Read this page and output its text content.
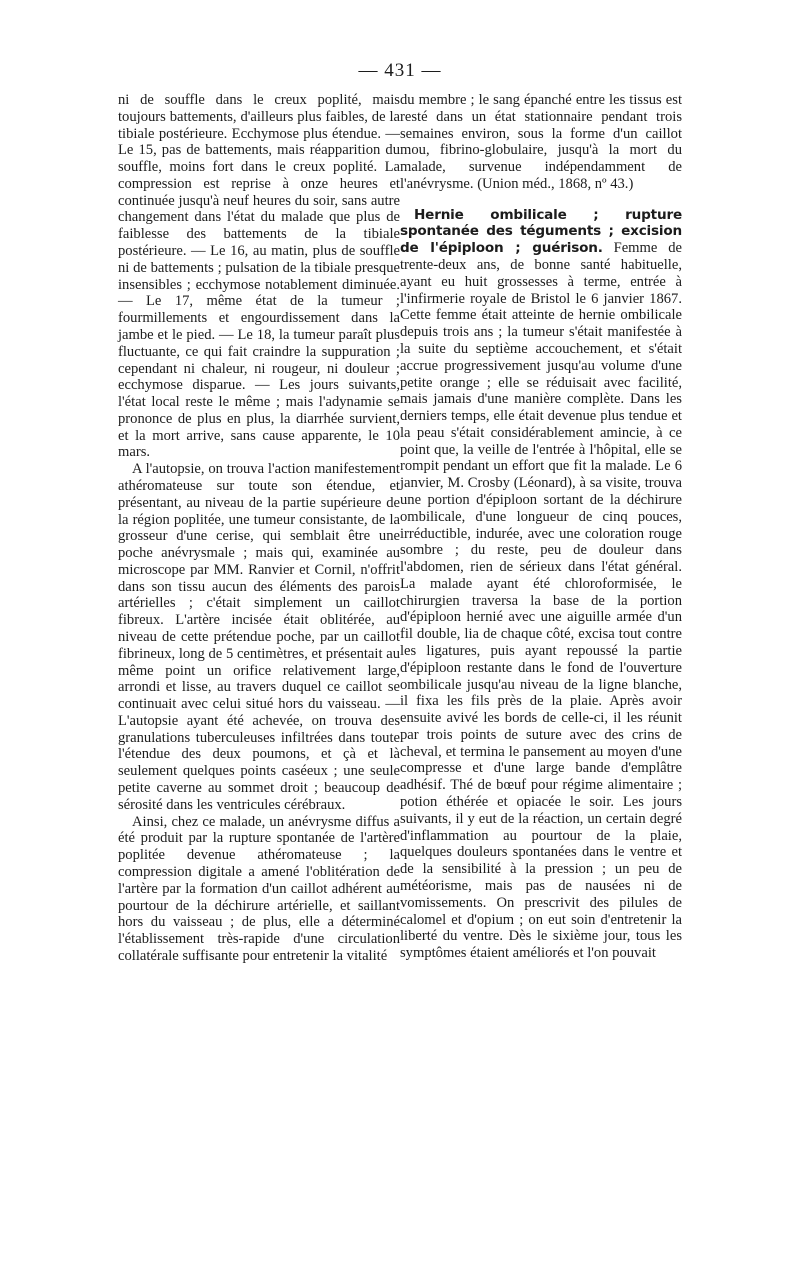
— 431 —

ni de souffle dans le creux poplité, mais toujours battements, d'ailleurs plus faibles, de la tibiale postérieure. Ecchymose plus étendue. — Le 15, pas de battements, mais réapparition du souffle, moins fort dans le creux poplité. La compression est reprise à onze heures et continuée jusqu'à neuf heures du soir, sans autre changement dans l'état du malade que plus de faiblesse des battements de la tibiale postérieure. — Le 16, au matin, plus de souffle ni de battements ; pulsation de la tibiale presque insensibles ; ecchymose notablement diminuée. — Le 17, même état de la tumeur ; fourmillements et engourdissement dans la jambe et le pied. — Le 18, la tumeur paraît plus fluctuante, ce qui fait craindre la suppuration ; cependant ni chaleur, ni rougeur, ni douleur ; ecchymose disparue. — Les jours suivants, l'état local reste le même ; mais l'adynamie se prononce de plus en plus, la diarrhée survient, et la mort arrive, sans cause apparente, le 10 mars.

A l'autopsie, on trouva l'action manifestement athéromateuse sur toute son étendue, et présentant, au niveau de la partie supérieure de la région poplitée, une tumeur consistante, de la grosseur d'une cerise, qui semblait être une poche anévrysmale ; mais qui, examinée au microscope par MM. Ranvier et Cornil, n'offrit dans son tissu aucun des éléments des parois artérielles ; c'était simplement un caillot fibreux. L'artère incisée était oblitérée, au niveau de cette prétendue poche, par un caillot fibrineux, long de 5 centimètres, et présentait au même point un orifice relativement large, arrondi et lisse, au travers duquel ce caillot se continuait avec celui situé hors du vaisseau. — L'autopsie ayant été achevée, on trouva des granulations tuberculeuses infiltrées dans toute l'étendue des deux poumons, et çà et là seulement quelques points caséeux ; une seule petite caverne au sommet droit ; beaucoup de sérosité dans les ventricules cérébraux.

Ainsi, chez ce malade, un anévrysme diffus a été produit par la rupture spontanée de l'artère poplitée devenue athéromateuse ; la compression digitale a amené l'oblitération de l'artère par la formation d'un caillot adhérent au pourtour de la déchirure artérielle, et saillant hors du vaisseau ; de plus, elle a déterminé l'établissement très-rapide d'une circulation collatérale suffisante pour entretenir la vitalité

du membre ; le sang épanché entre les tissus est resté dans un état stationnaire pendant trois semaines environ, sous la forme d'un caillot mou, fibrino-globulaire, jusqu'à la mort du malade, survenue indépendamment de l'anévrysme. (Union méd., 1868, nº 43.)

Hernie ombilicale ; rupture spontanée des téguments ; excision de l'épiploon ; guérison. Femme de trente-deux ans, de bonne santé habituelle, ayant eu huit grossesses à terme, entrée à l'infirmerie royale de Bristol le 6 janvier 1867. Cette femme était atteinte de hernie ombilicale depuis trois ans ; la tumeur s'était manifestée à la suite du septième accouchement, et s'était accrue progressivement jusqu'au volume d'une petite orange ; elle se réduisait avec facilité, mais jamais d'une manière complète. Dans les derniers temps, elle était devenue plus tendue et la peau s'était considérablement amincie, à ce point que, la veille de l'entrée à l'hôpital, elle se rompit pendant un effort que fit la malade. Le 6 janvier, M. Crosby (Léonard), à sa visite, trouva une portion d'épiploon sortant de la déchirure ombilicale, d'une longueur de cinq pouces, irréductible, indurée, avec une coloration rouge sombre ; du reste, peu de douleur dans l'abdomen, rien de sérieux dans l'état général. La malade ayant été chloroformisée, le chirurgien traversa la base de la portion d'épiploon hernié avec une aiguille armée d'un fil double, lia de chaque côté, excisa tout contre les ligatures, puis ayant repoussé la partie d'épiploon restante dans le fond de l'ouverture ombilicale jusqu'au niveau de la ligne blanche, il fixa les fils près de la plaie. Après avoir ensuite avivé les bords de celle-ci, il les réunit par trois points de suture avec des crins de cheval, et termina le pansement au moyen d'une compresse et d'une large bande d'emplâtre adhésif. Thé de bœuf pour régime alimentaire ; potion éthérée et opiacée le soir. Les jours suivants, il y eut de la réaction, un certain degré d'inflammation au pourtour de la plaie, quelques douleurs spontanées dans le ventre et de la sensibilité à la pression ; un peu de météorisme, mais pas de nausées ni de vomissements. On prescrivit des pilules de calomel et d'opium ; on eut soin d'entretenir la liberté du ventre. Dès le sixième jour, tous les symptômes étaient améliorés et l'on pouvait
